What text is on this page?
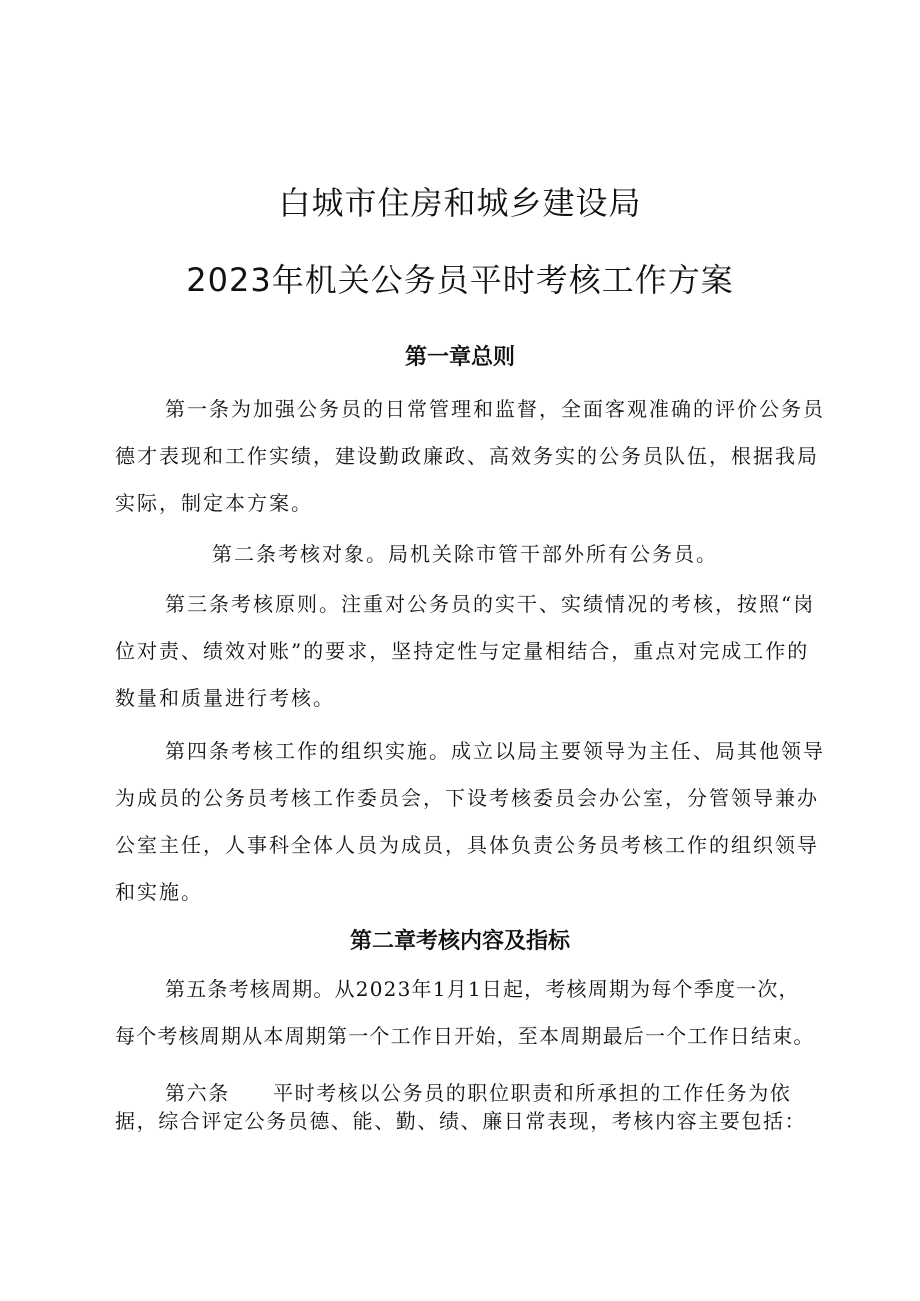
白城市住房和城乡建设局
2023年机关公务员平时考核工作方案
第一章总则
第一条为加强公务员的日常管理和监督，全面客观准确的评价公务员
德才表现和工作实绩，建设勤政廉政、高效务实的公务员队伍，根据我局
实际，制定本方案。
第二条考核对象。局机关除市管干部外所有公务员。
第三条考核原则。注重对公务员的实干、实绩情况的考核，按照“岗
位对责、绩效对账”的要求，坚持定性与定量相结合，重点对完成工作的
数量和质量进行考核。
第四条考核工作的组织实施。成立以局主要领导为主任、局其他领导
为成员的公务员考核工作委员会，下设考核委员会办公室，分管领导兼办
公室主任，人事科全体人员为成员，具体负责公务员考核工作的组织领导
和实施。
第二章考核内容及指标
第五条考核周期。从2023年1月1日起，考核周期为每个季度一次，
每个考核周期从本周期第一个工作日开始，至本周期最后一个工作日结束。
第六条　　平时考核以公务员的职位职责和所承担的工作任务为依
据，综合评定公务员德、能、勤、绩、廉日常表现，考核内容主要包括：
